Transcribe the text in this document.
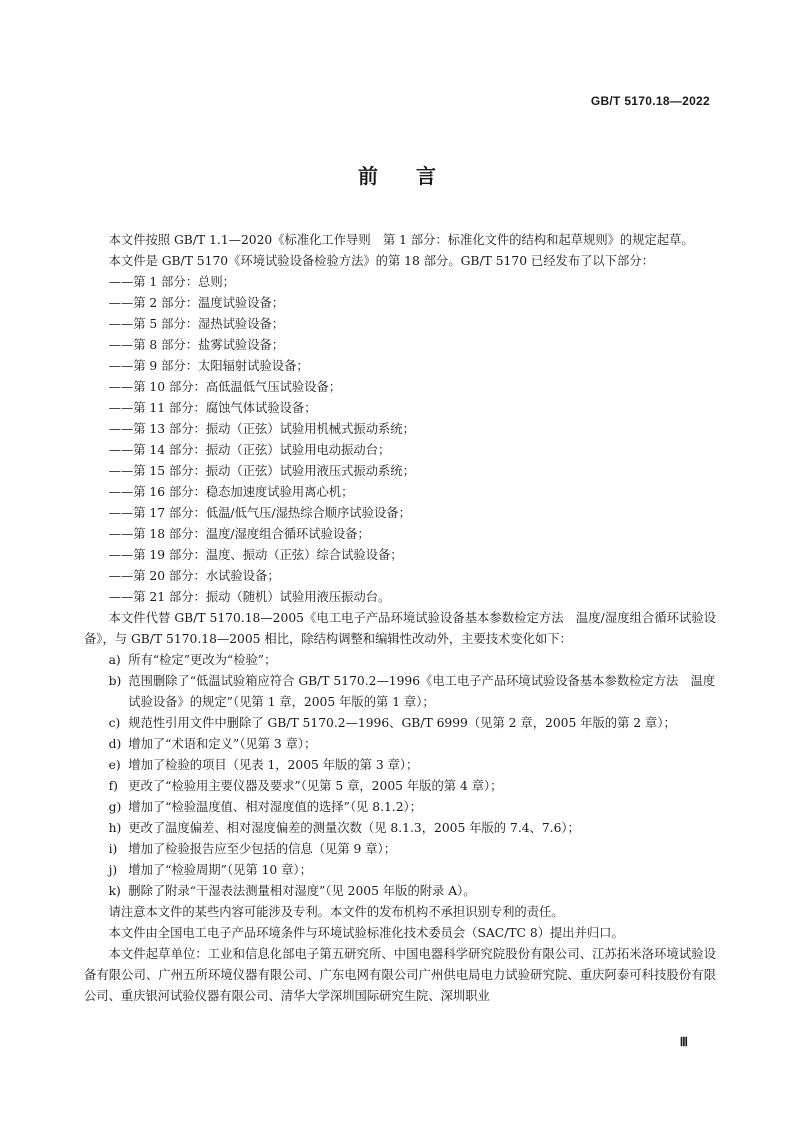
GB/T 5170.18—2022
前言

本文件按照 GB/T 1.1—2020《标准化工作导则　第 1 部分：标准化文件的结构和起草规则》的规定起草。

本文件是 GB/T 5170《环境试验设备检验方法》的第 18 部分。GB/T 5170 已经发布了以下部分：

—— 第 1 部分：总则；

—— 第 2 部分：温度试验设备；

—— 第 5 部分：湿热试验设备；

—— 第 8 部分：盐雾试验设备；

—— 第 9 部分：太阳辐射试验设备；

—— 第 10 部分：高低温低气压试验设备；

—— 第 11 部分：腐蚀气体试验设备；

—— 第 13 部分：振动（正弦）试验用机械式振动系统；

—— 第 14 部分：振动（正弦）试验用电动振动台；

—— 第 15 部分：振动（正弦）试验用液压式振动系统；

—— 第 16 部分：稳态加速度试验用离心机；

—— 第 17 部分：低温/低气压/湿热综合顺序试验设备；

—— 第 18 部分：温度/湿度组合循环试验设备；

—— 第 19 部分：温度、振动（正弦）综合试验设备；

—— 第 20 部分：水试验设备；

—— 第 21 部分：振动（随机）试验用液压振动台。

本文件代替 GB/T 5170.18—2005《电工电子产品环境试验设备基本参数检定方法　温度/湿度组合循环试验设备》，与 GB/T 5170.18—2005 相比，除结构调整和编辑性改动外，主要技术变化如下：

a) 所有“检定”更改为“检验”；

b) 范围删除了“低温试验箱应符合 GB/T 5170.2—1996《电工电子产品环境试验设备基本参数检定方法　温度试验设备》的规定”（见第 1 章，2005 年版的第 1 章）；

c) 规范性引用文件中删除了 GB/T 5170.2—1996、GB/T 6999（见第 2 章，2005 年版的第 2 章）；

d) 增加了“术语和定义”（见第 3 章）；

e) 增加了检验的项目（见表 1，2005 年版的第 3 章）；

f) 更改了“检验用主要仪器及要求”（见第 5 章，2005 年版的第 4 章）；

g) 增加了“检验温度值、相对湿度值的选择”（见 8.1.2）；

h) 更改了温度偏差、相对湿度偏差的测量次数（见 8.1.3，2005 年版的 7.4、7.6）；

i) 增加了检验报告应至少包括的信息（见第 9 章）；

j) 增加了“检验周期”（见第 10 章）；

k) 删除了附录“干湿表法测量相对湿度”（见 2005 年版的附录 A）。

请注意本文件的某些内容可能涉及专利。本文件的发布机构不承担识别专利的责任。

本文件由全国电工电子产品环境条件与环境试验标准化技术委员会（SAC/TC 8）提出并归口。

本文件起草单位：工业和信息化部电子第五研究所、中国电器科学研究院股份有限公司、江苏拓米洛环境试验设备有限公司、广州五所环境仪器有限公司、广东电网有限公司广州供电局电力试验研究院、重庆阿泰可科技股份有限公司、重庆银河试验仪器有限公司、清华大学深圳国际研究生院、深圳职业

Ⅲ
